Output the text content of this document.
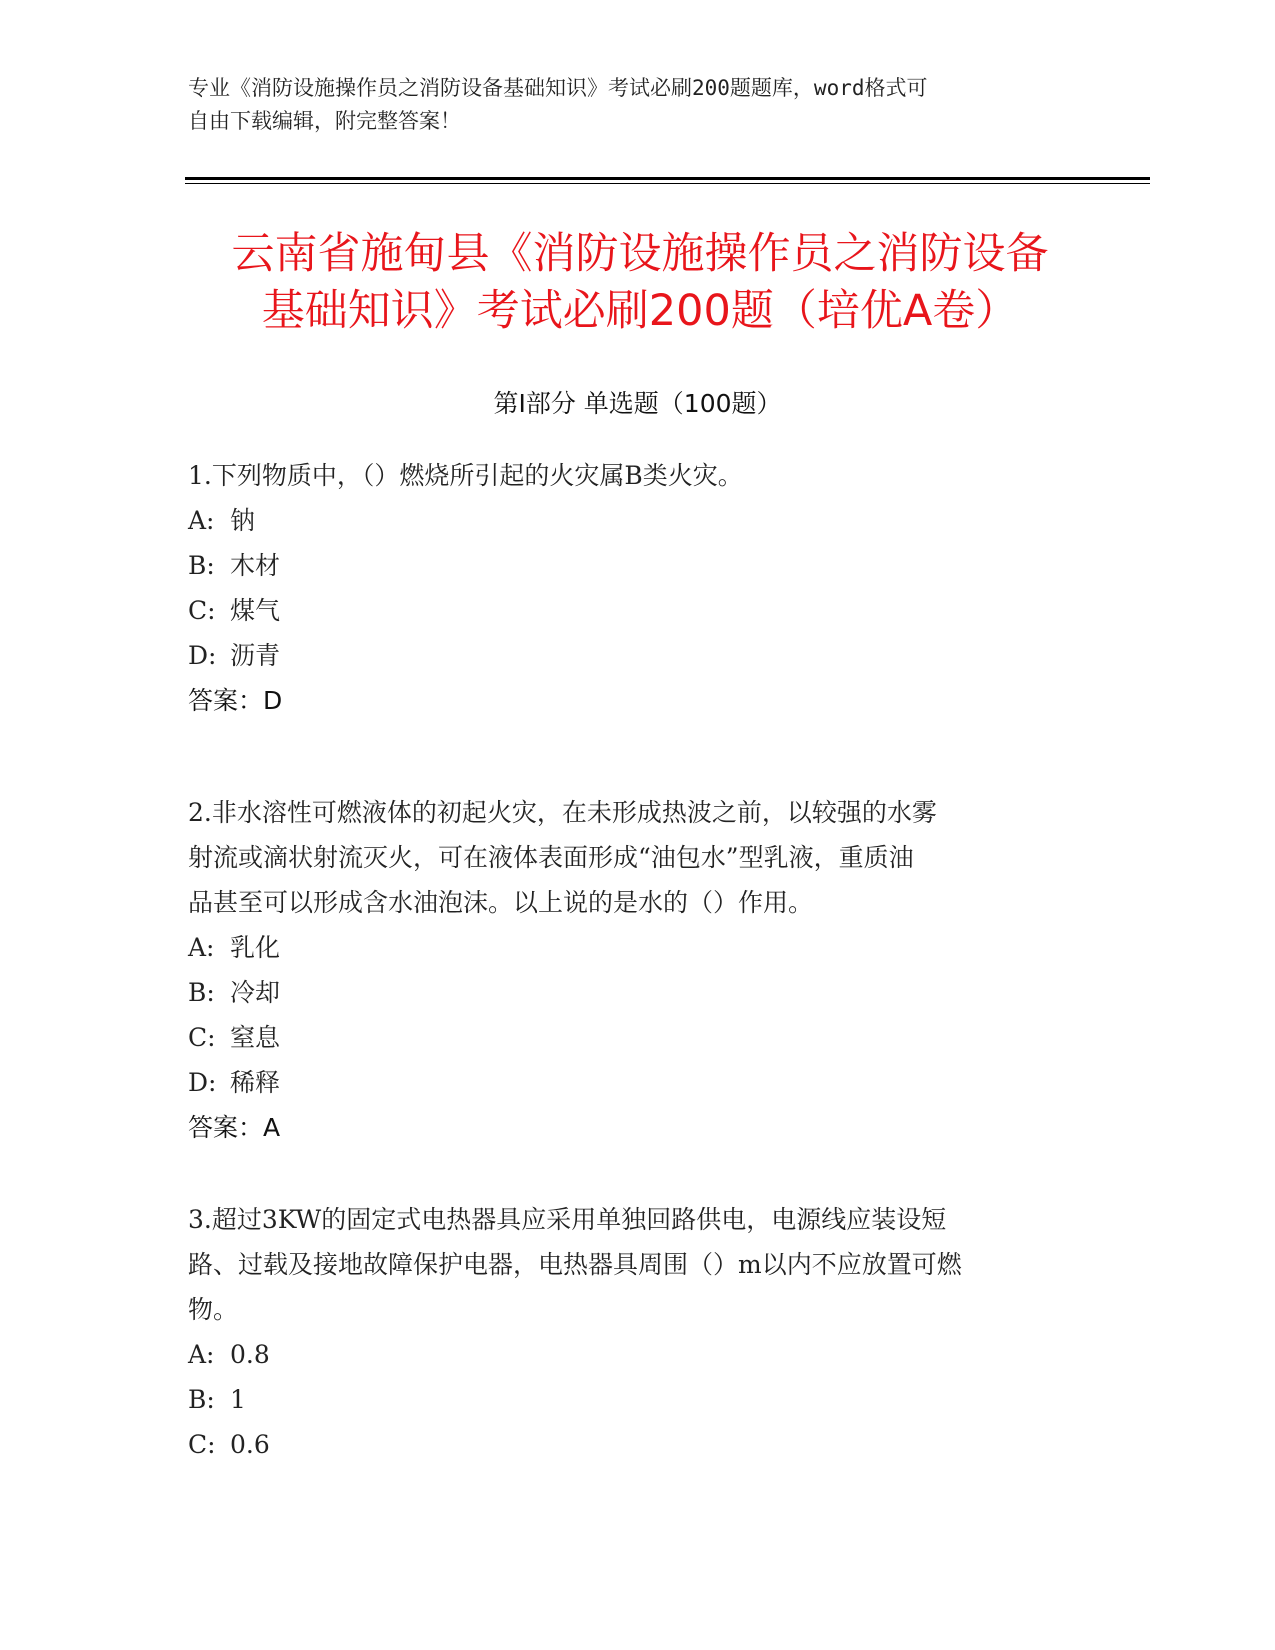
专业《消防设施操作员之消防设备基础知识》考试必刷200题题库，word格式可
自由下载编辑，附完整答案！
云南省施甸县《消防设施操作员之消防设备
基础知识》考试必刷200题（培优A卷）
第Ⅰ部分 单选题（100题）
1.下列物质中，（）燃烧所引起的火灾属B类火灾。
A: 钠
B: 木材
C: 煤气
D: 沥青
答案：D
2.非水溶性可燃液体的初起火灾，在未形成热波之前，以较强的水雾
射流或滴状射流灭火，可在液体表面形成“油包水”型乳液，重质油
品甚至可以形成含水油泡沫。以上说的是水的（）作用。
A: 乳化
B: 冷却
C: 窒息
D: 稀释
答案：A
3.超过3KW的固定式电热器具应采用单独回路供电，电源线应装设短
路、过载及接地故障保护电器，电热器具周围（）m以内不应放置可燃
物。
A: 0.8
B: 1
C: 0.6
